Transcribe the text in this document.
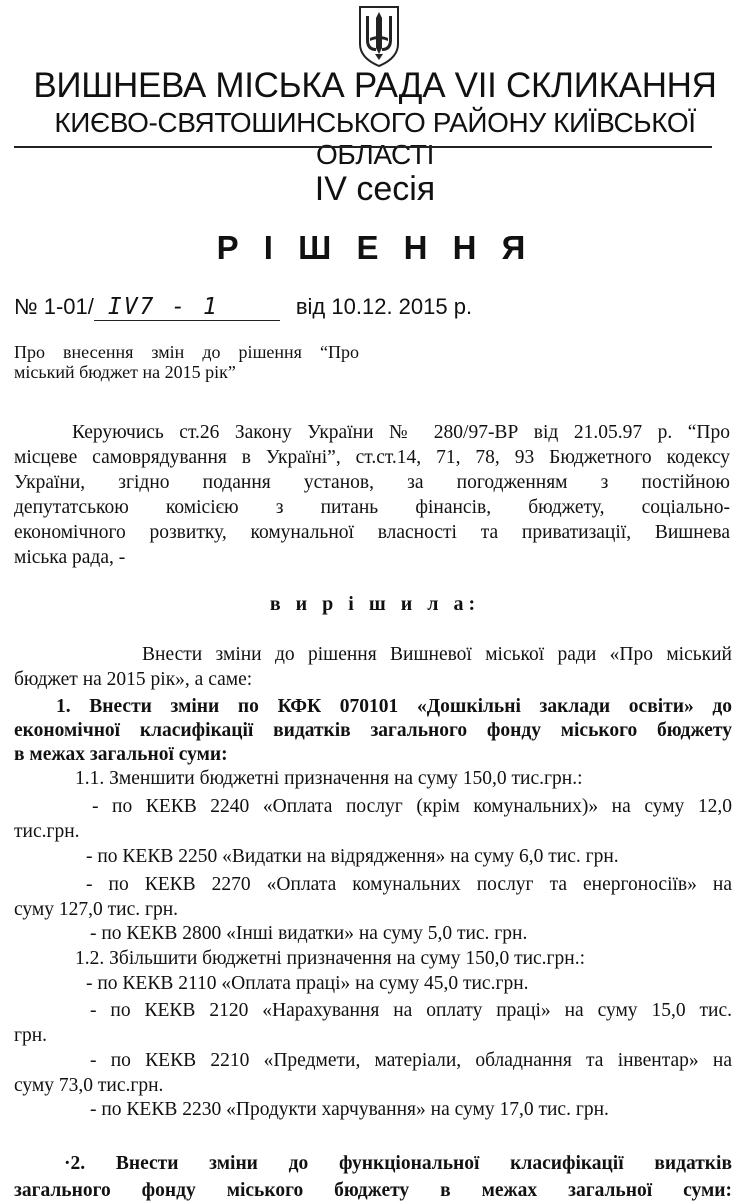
ВИШНЕВА МІСЬКА РАДА VII СКЛИКАННЯ
КИЄВО-СВЯТОШИНСЬКОГО РАЙОНУ КИЇВСЬКОЇ ОБЛАСТІ
IV сесія
Р І Ш Е Н Н Я
№ 1-01/ IV7 - 1	від 10.12. 2015 р.
Про внесення змін до рішення “Про
міський бюджет на 2015 рік”
Керуючись ст.26 Закону України № 280/97-ВР від 21.05.97 р. “Про
місцеве самоврядування в Україні”, ст.ст.14, 71, 78, 93 Бюджетного кодексу
України, згідно подання установ, за погодженням з постійною
депутатською комісією з питань фінансів, бюджету, соціально-
економічного розвитку, комунальної власності та приватизації, Вишнева
міська рада, -
в и р і ш и л а:
Внести зміни до рішення Вишневої міської ради «Про міський
бюджет на 2015 рік», а саме:
1. Внести зміни по КФК 070101 «Дошкільні заклади освіти» до
економічної класифікації видатків загального фонду міського бюджету
в межах загальної суми:
1.1. Зменшити бюджетні призначення на суму 150,0 тис.грн.:
- по КЕКВ 2240 «Оплата послуг (крім комунальних)» на суму 12,0
тис.грн.
- по КЕКВ 2250 «Видатки на відрядження» на суму 6,0 тис. грн.
- по КЕКВ 2270 «Оплата комунальних послуг та енергоносіїв» на
суму 127,0 тис. грн.
- по КЕКВ 2800 «Інші видатки» на суму 5,0 тис. грн.
1.2. Збільшити бюджетні призначення на суму 150,0 тис.грн.:
- по КЕКВ 2110 «Оплата праці» на суму 45,0 тис.грн.
- по КЕКВ 2120 «Нарахування на оплату праці» на суму 15,0 тис.
грн.
- по КЕКВ 2210 «Предмети, матеріали, обладнання та інвентар» на
суму 73,0 тис.грн.
- по КЕКВ 2230 «Продукти харчування» на суму 17,0 тис. грн.
·2. Внести зміни до функціональної класифікації видатків
загального фонду міського бюджету в межах загальної суми:
